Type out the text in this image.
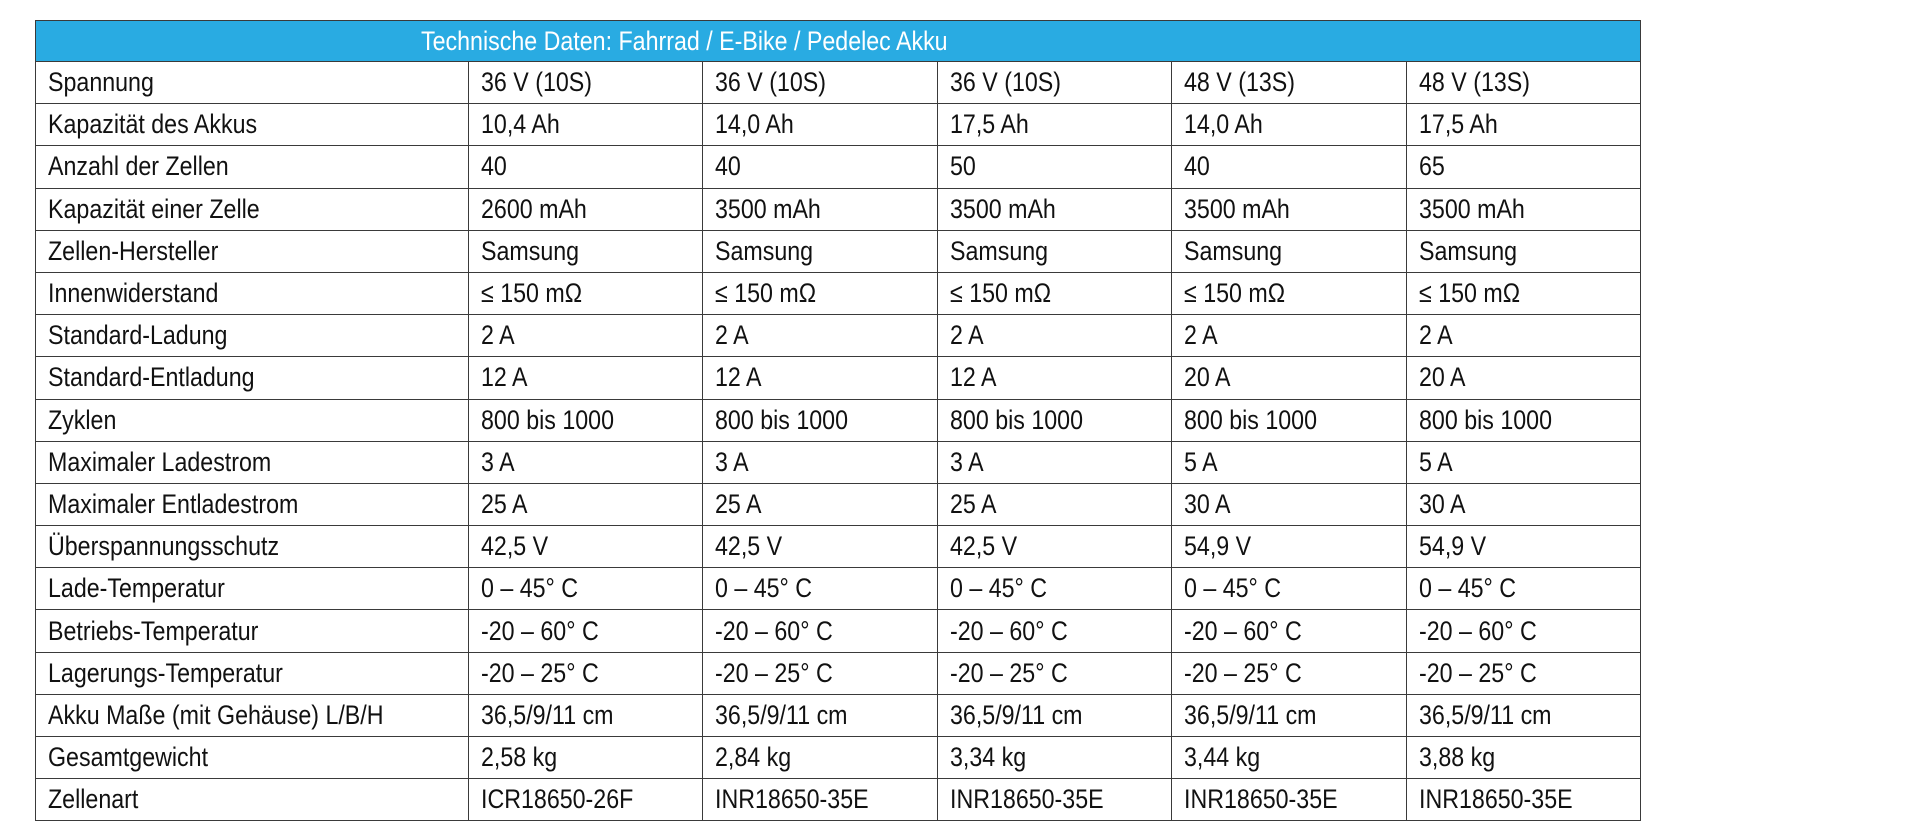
Technische Daten: Fahrrad / E-Bike / Pedelec Akku					
Spannung	36 V (10S)	36 V (10S)	36 V (10S)	48 V (13S)	48 V (13S)
Kapazität des Akkus	10,4 Ah	14,0 Ah	17,5 Ah	14,0 Ah	17,5 Ah
Anzahl der Zellen	40	40	50	40	65
Kapazität einer Zelle	2600 mAh	3500 mAh	3500 mAh	3500 mAh	3500 mAh
Zellen-Hersteller	Samsung	Samsung	Samsung	Samsung	Samsung
Innenwiderstand	≤ 150 mΩ	≤ 150 mΩ	≤ 150 mΩ	≤ 150 mΩ	≤ 150 mΩ
Standard-Ladung	2 A	2 A	2 A	2 A	2 A
Standard-Entladung	12 A	12 A	12 A	20 A	20 A
Zyklen	800 bis 1000	800 bis 1000	800 bis 1000	800 bis 1000	800 bis 1000
Maximaler Ladestrom	3 A	3 A	3 A	5 A	5 A
Maximaler Entladestrom	25 A	25 A	25 A	30 A	30 A
Überspannungsschutz	42,5 V	42,5 V	42,5 V	54,9 V	54,9 V
Lade-Temperatur	0 – 45° C	0 – 45° C	0 – 45° C	0 – 45° C	0 – 45° C
Betriebs-Temperatur	-20 – 60° C	-20 – 60° C	-20 – 60° C	-20 – 60° C	-20 – 60° C
Lagerungs-Temperatur	-20 – 25° C	-20 – 25° C	-20 – 25° C	-20 – 25° C	-20 – 25° C
Akku Maße (mit Gehäuse) L/B/H	36,5/9/11 cm	36,5/9/11 cm	36,5/9/11 cm	36,5/9/11 cm	36,5/9/11 cm
Gesamtgewicht	2,58 kg	2,84 kg	3,34 kg	3,44 kg	3,88 kg
Zellenart	ICR18650-26F	INR18650-35E	INR18650-35E	INR18650-35E	INR18650-35E
